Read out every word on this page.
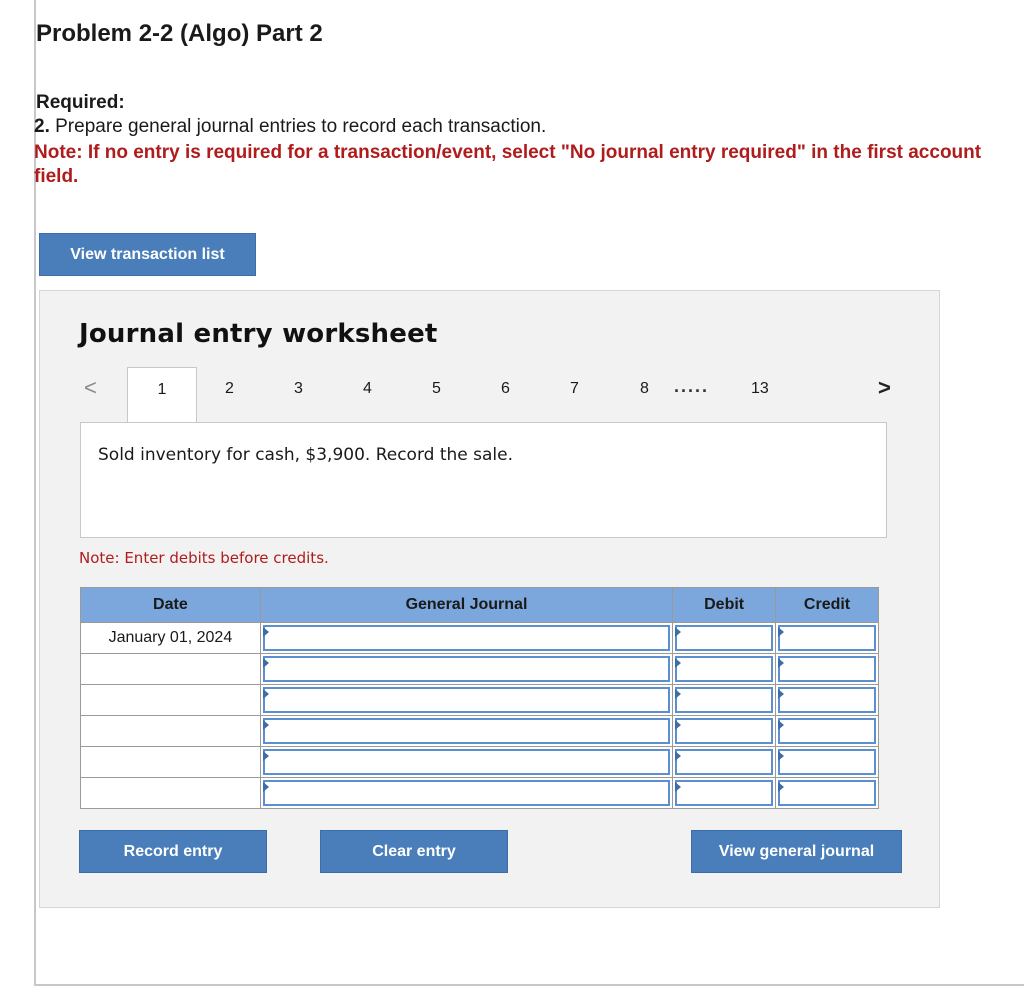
Problem 2-2 (Algo) Part 2
Required:
2. Prepare general journal entries to record each transaction.
Note: If no entry is required for a transaction/event, select "No journal entry required" in the first account field.
View transaction list
Journal entry worksheet
<	1	2	3	4	5	6	7	8 .....	13	>
Sold inventory for cash, $3,900. Record the sale.
Note: Enter debits before credits.
Date	General Journal	Debit	Credit
January 01, 2024	

Record entry	Clear entry	View general journal
